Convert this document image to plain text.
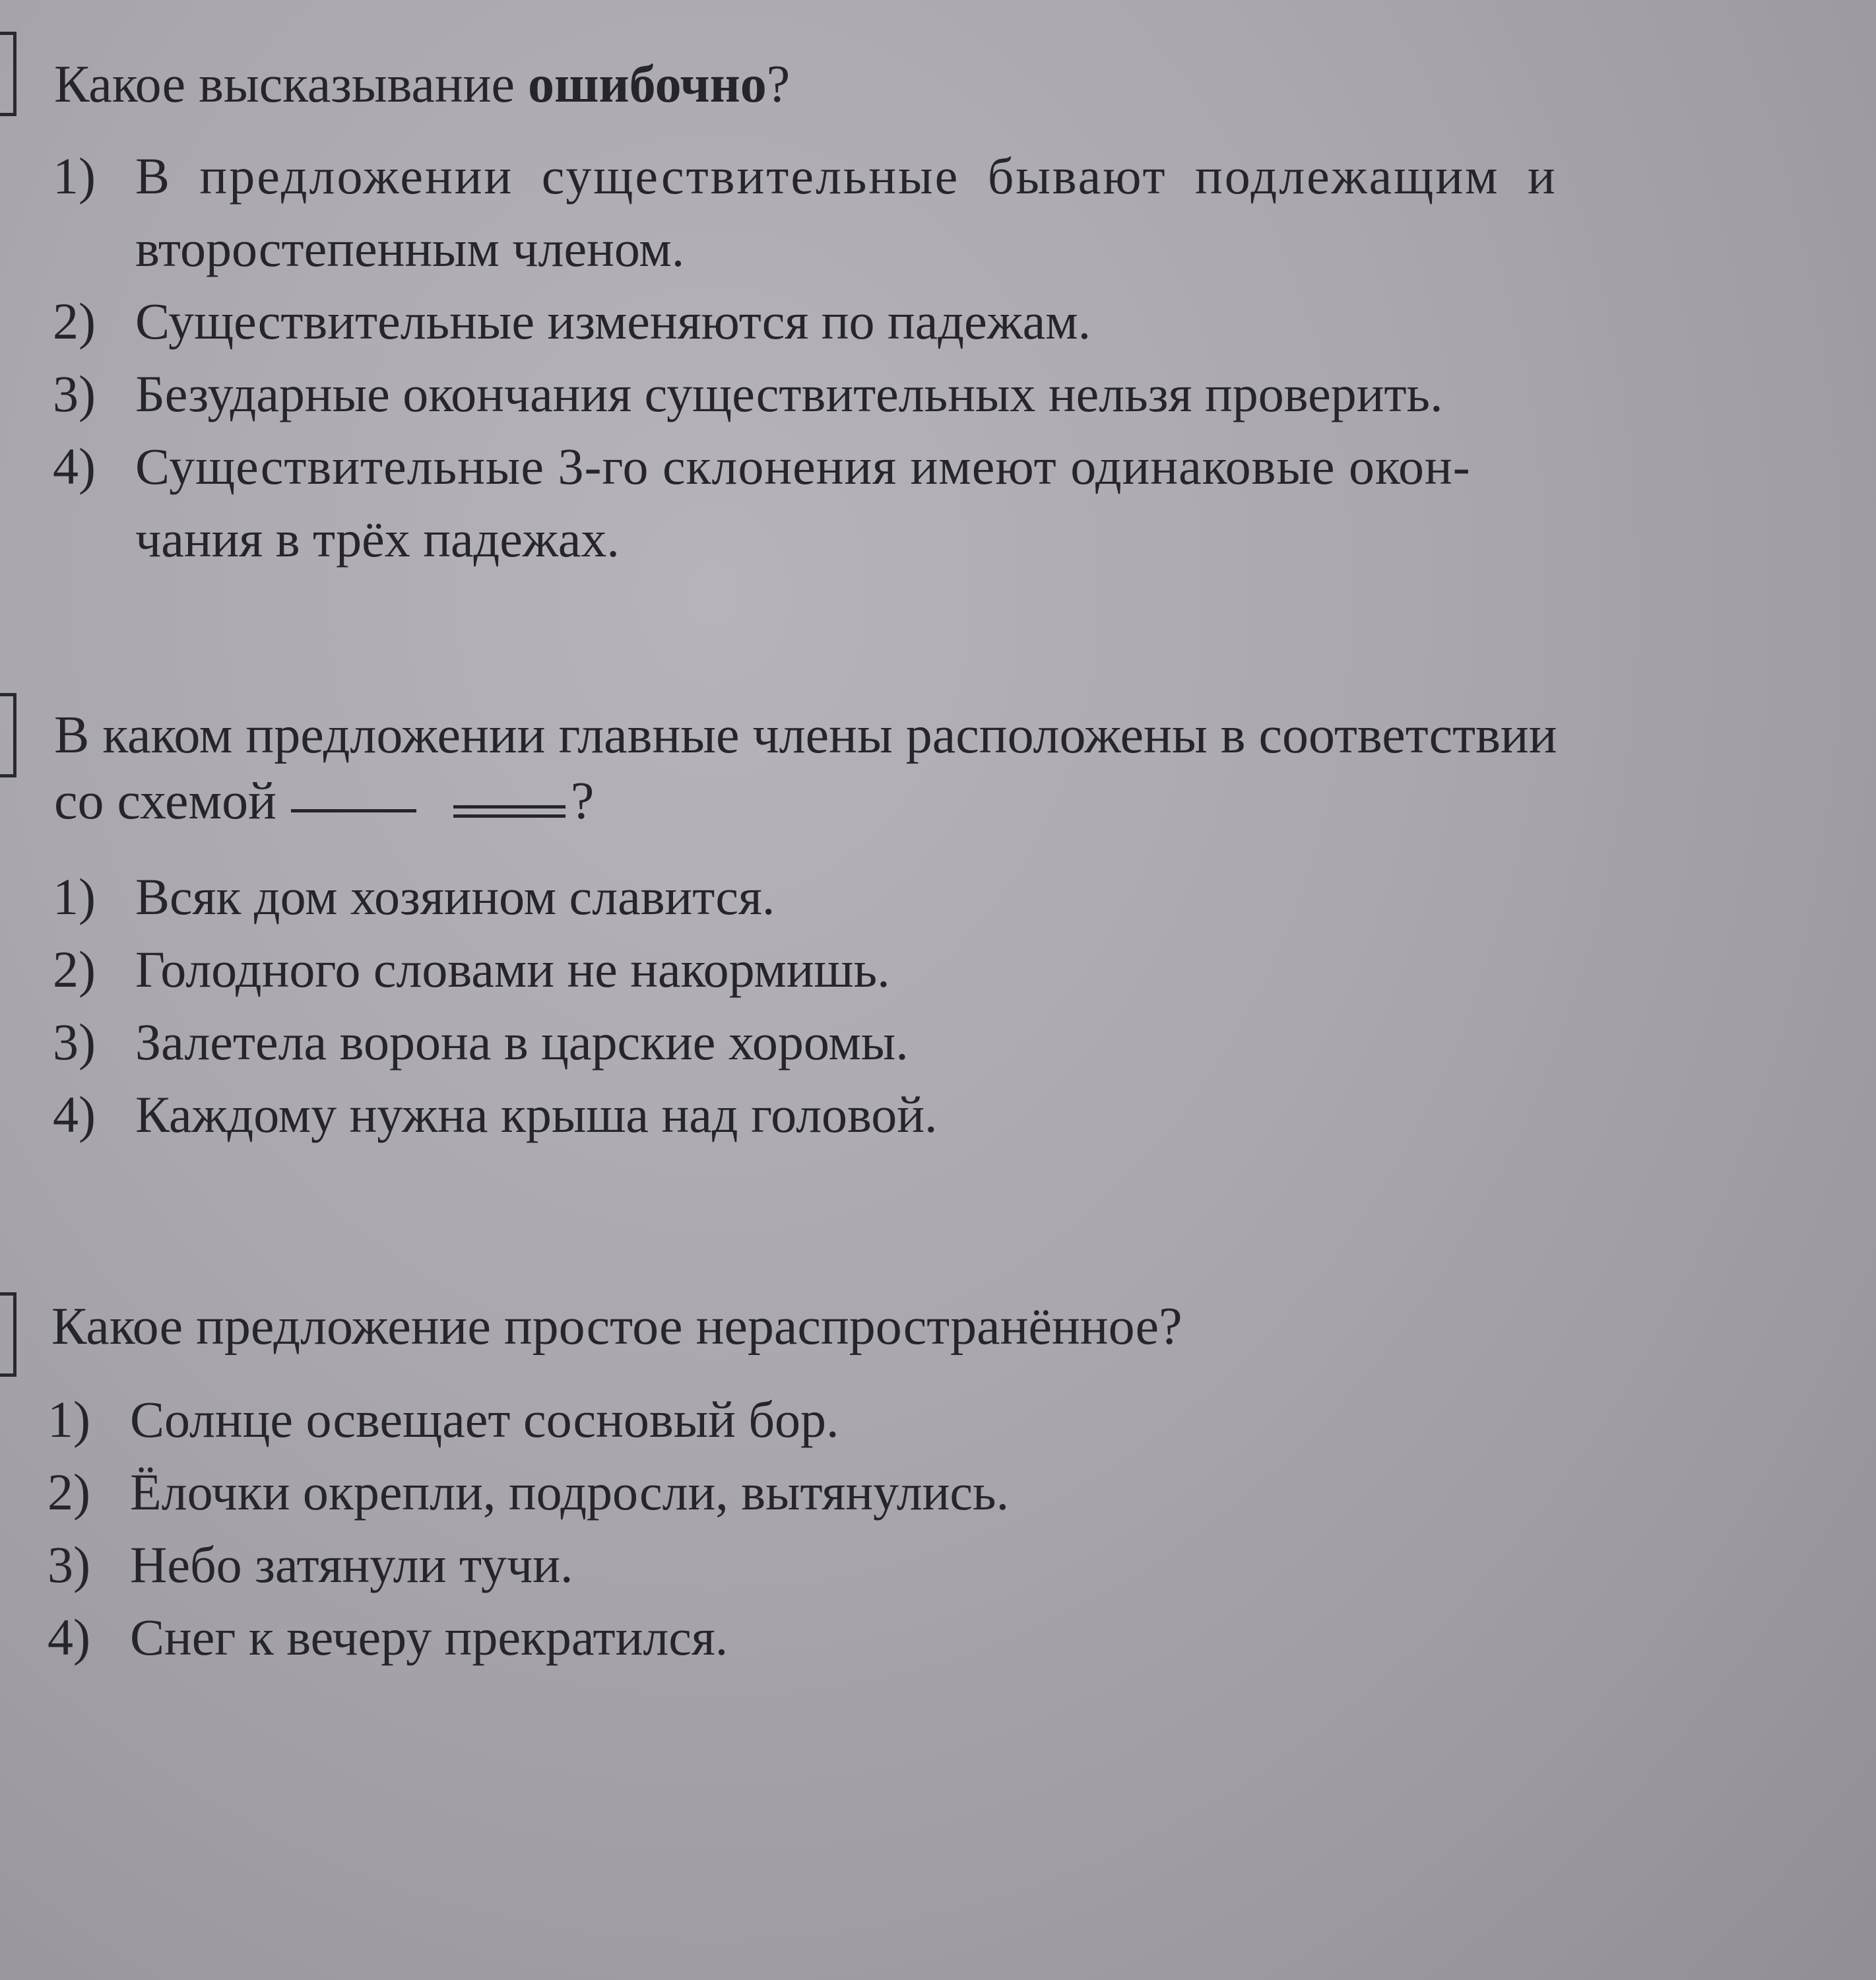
Какое высказывание ошибочно?
1) В предложении существительные бывают подлежащим и
второстепенным членом.
2) Существительные изменяются по падежам.
3) Безударные окончания существительных нельзя проверить.
4) Существительные 3-го склонения имеют одинаковые окон-
чания в трёх падежах.
В каком предложении главные члены расположены в соответствии
со схемой	?
1) Всяк дом хозяином славится.
2) Голодного словами не накормишь.
3) Залетела ворона в царские хоромы.
4) Каждому нужна крыша над головой.
Какое предложение простое нераспространённое?
1) Солнце освещает сосновый бор.
2) Ёлочки окрепли, подросли, вытянулись.
3) Небо затянули тучи.
4) Снег к вечеру прекратился.
